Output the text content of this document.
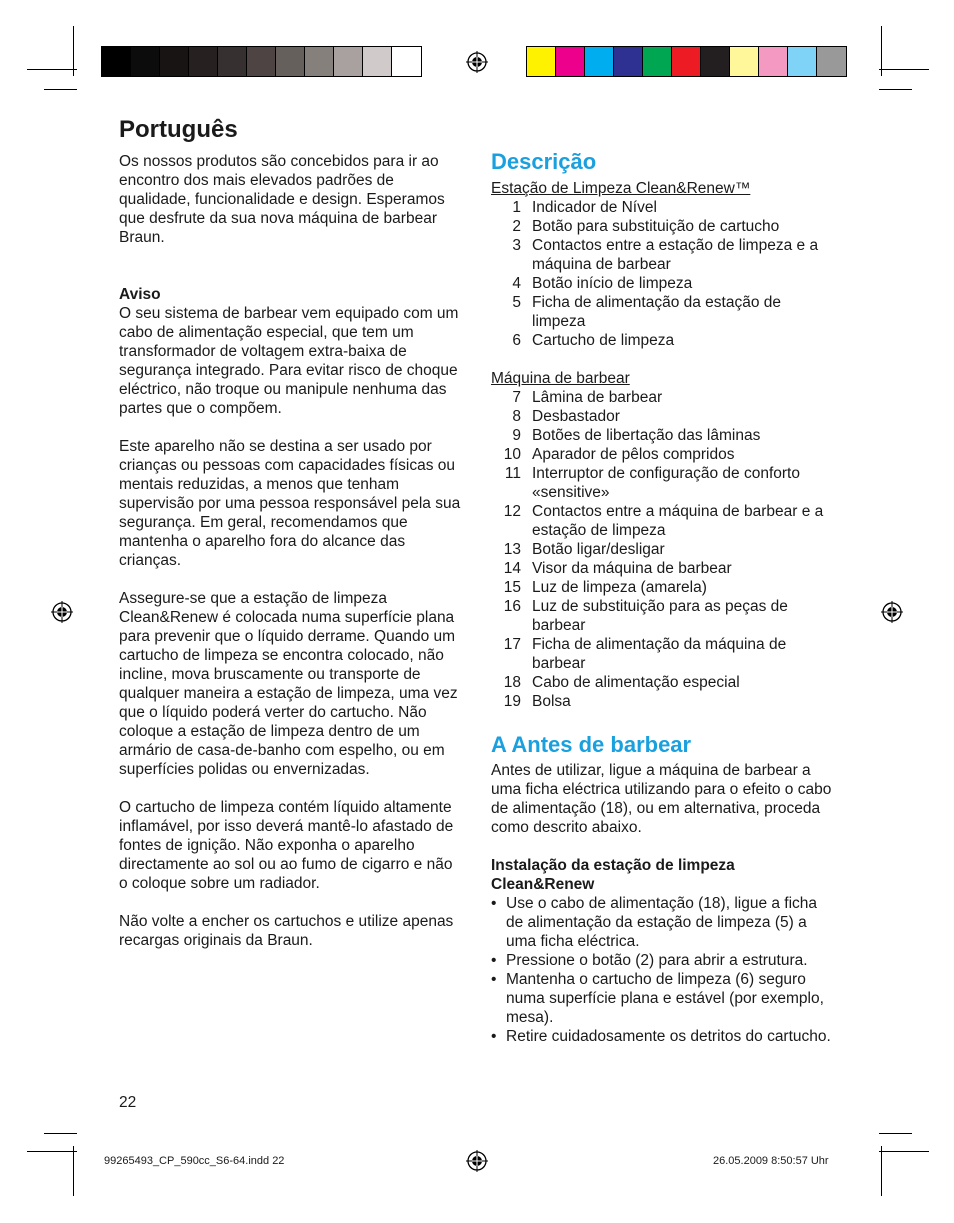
Português

Os nossos produtos são concebidos para ir ao encontro dos mais elevados padrões de qualidade, funcionalidade e design. Esperamos que desfrute da sua nova máquina de barbear Braun.

Aviso

O seu sistema de barbear vem equipado com um cabo de alimentação especial, que tem um transformador de voltagem extra-baixa de segurança integrado. Para evitar risco de choque eléctrico, não troque ou manipule nenhuma das partes que o compõem.

Este aparelho não se destina a ser usado por crianças ou pessoas com capacidades físicas ou mentais reduzidas, a menos que tenham supervisão por uma pessoa responsável pela sua segurança. Em geral, recomendamos que mantenha o aparelho fora do alcance das crianças.

Assegure-se que a estação de limpeza Clean&Renew é colocada numa superfície plana para prevenir que o líquido derrame. Quando um cartucho de limpeza se encontra colocado, não incline, mova bruscamente ou transporte de qualquer maneira a estação de limpeza, uma vez que o líquido poderá verter do cartucho. Não coloque a estação de limpeza dentro de um armário de casa-de-banho com espelho, ou em superfícies polidas ou envernizadas.

O cartucho de limpeza contém líquido altamente inflamável, por isso deverá mantê-lo afastado de fontes de ignição. Não exponha o aparelho directamente ao sol ou ao fumo de cigarro e não o coloque sobre um radiador.

Não volte a encher os cartuchos e utilize apenas recargas originais da Braun.

Descrição

Estação de Limpeza Clean&Renew™

1 Indicador de Nível
2 Botão para substituição de cartucho
3 Contactos entre a estação de limpeza e a máquina de barbear
4 Botão início de limpeza
5 Ficha de alimentação da estação de limpeza
6 Cartucho de limpeza

Máquina de barbear

7 Lâmina de barbear
8 Desbastador
9 Botões de libertação das lâminas
10 Aparador de pêlos compridos
11 Interruptor de configuração de conforto «sensitive»
12 Contactos entre a máquina de barbear e a estação de limpeza
13 Botão ligar/desligar
14 Visor da máquina de barbear
15 Luz de limpeza (amarela)
16 Luz de substituição para as peças de barbear
17 Ficha de alimentação da máquina de barbear
18 Cabo de alimentação especial
19 Bolsa
A Antes de barbear

Antes de utilizar, ligue a máquina de barbear a uma ficha eléctrica utilizando para o efeito o cabo de alimentação (18), ou em alternativa, proceda como descrito abaixo.

Instalação da estação de limpeza Clean&Renew

• Use o cabo de alimentação (18), ligue a ficha de alimentação da estação de limpeza (5) a uma ficha eléctrica.
• Pressione o botão (2) para abrir a estrutura.
• Mantenha o cartucho de limpeza (6) seguro numa superfície plana e estável (por exemplo, mesa).
• Retire cuidadosamente os detritos do cartucho.
22
99265493_CP_590cc_S6-64.indd 22	26.05.2009 8:50:57 Uhr
